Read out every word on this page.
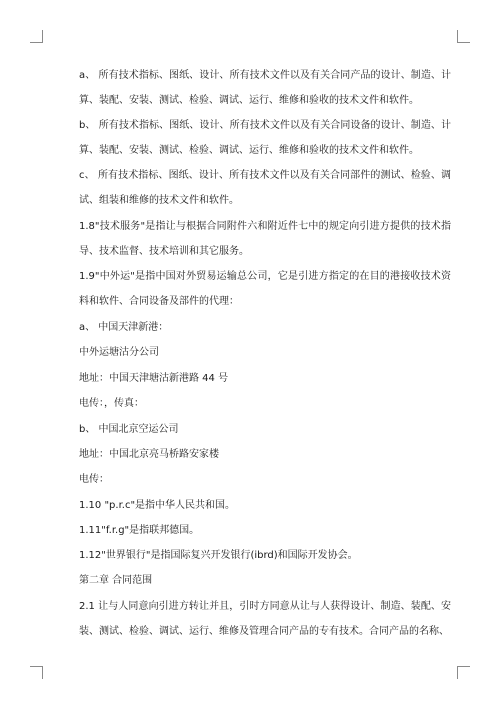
a、 所有技术指标、图纸、设计、所有技术文件以及有关合同产品的设计、制造、计算、装配、安装、测试、检验、调试、运行、维修和验收的技术文件和软件。

b、 所有技术指标、图纸、设计、所有技术文件以及有关合同设备的设计、制造、计算、装配、安装、测试、检验、调试、运行、维修和验收的技术文件和软件。

c、 所有技术指标、图纸、设计、所有技术文件以及有关合同部件的测试、检验、调试、组装和维修的技术文件和软件。

1.8"技术服务"是指让与根据合同附件六和附近件七中的规定向引进方提供的技术指导、技术监督、技术培训和其它服务。

1.9"中外运"是指中国对外贸易运输总公司，它是引进方指定的在目的港接收技术资料和软件、合同设备及部件的代理：

a、 中国天津新港：

中外运塘沽分公司

地址：中国天津塘沽新港路 44 号

电传：，传真：

b、 中国北京空运公司

地址：中国北京亮马桥路安家楼

电传：

1.10 "p.r.c"是指中华人民共和国。

1.11"f.r.g"是指联邦德国。

1.12"世界银行"是指国际复兴开发银行(ibrd)和国际开发协会。

第二章 合同范围

2.1 让与人同意向引进方转让并且，引时方同意从让与人获得设计、制造、装配、安装、测试、检验、调试、运行、维修及管理合同产品的专有技术。合同产品的名称、
